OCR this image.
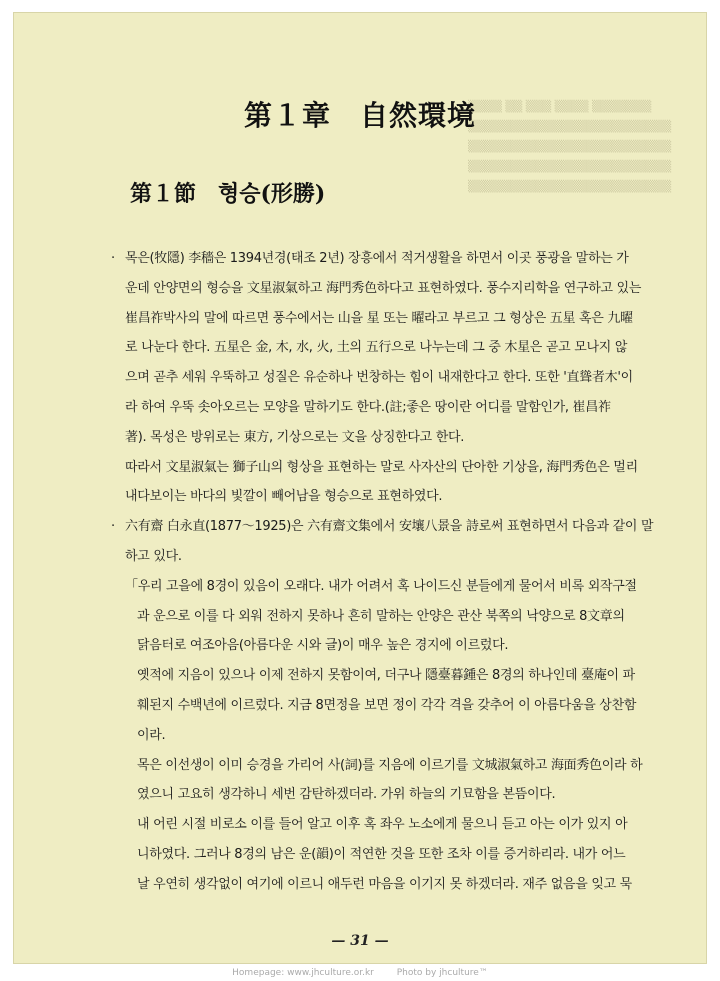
▒▒▒▒ ▒▒ ▒▒▒ ▒▒▒▒ ▒▒▒▒▒▒▒
▒▒▒▒▒▒▒▒▒▒▒▒▒▒▒▒▒▒▒▒▒▒▒▒
▒▒▒▒▒▒▒▒▒▒▒▒▒▒▒▒▒▒▒▒▒▒▒▒
▒▒▒▒▒▒▒▒▒▒▒▒▒▒▒▒▒▒▒▒▒▒▒▒
▒▒▒▒▒▒▒▒▒▒▒▒▒▒▒▒▒▒▒▒▒▒▒▒
第１章　自然環境
第１節　형승(形勝)
· 목은(牧隱) 李穡은 1394년경(태조 2년) 장흥에서 적거생활을 하면서 이곳 풍광을 말하는 가
운데 안양면의 형승을 文星淑氣하고 海門秀色하다고 표현하였다. 풍수지리학을 연구하고 있는
崔昌祚박사의 말에 따르면 풍수에서는 山을 星 또는 曜라고 부르고 그 형상은 五星 혹은 九曜
로 나눈다 한다. 五星은 金, 木, 水, 火, 土의 五行으로 나누는데 그 중 木星은 곧고 모나지 않
으며 곧추 세워 우뚝하고 성질은 유순하나 번창하는 힘이 내재한다고 한다. 또한 '直聳者木'이
라 하여 우뚝 솟아오르는 모양을 말하기도 한다.(註;좋은 땅이란 어디를 말함인가, 崔昌祚
著). 목성은 방위로는 東方, 기상으로는 文을 상징한다고 한다.
따라서 文星淑氣는 獅子山의 형상을 표현하는 말로 사자산의 단아한 기상을, 海門秀色은 멀리
내다보이는 바다의 빛깔이 빼어남을 형승으로 표현하였다.
· 六有齋 白永直(1877～1925)은 六有齋文集에서 安壤八景을 詩로써 표현하면서 다음과 같이 말
하고 있다.
「우리 고을에 8경이 있음이 오래다. 내가 어려서 혹 나이드신 분들에게 물어서 비록 외작구절
과 운으로 이를 다 외워 전하지 못하나 흔히 말하는 안양은 관산 북쪽의 낙양으로 8文章의
닭음터로 여조아음(아름다운 시와 글)이 매우 높은 경지에 이르렀다.
옛적에 지음이 있으나 이제 전하지 못함이여, 더구나 隱臺暮鍾은 8경의 하나인데 臺庵이 파
훼된지 수백년에 이르렀다. 지금 8면정을 보면 정이 각각 격을 갖추어 이 아름다움을 상찬함
이라.
목은 이선생이 이미 승경을 가리어 사(詞)를 지음에 이르기를 文城淑氣하고 海面秀色이라 하
였으니 고요히 생각하니 세번 감탄하겠더라. 가위 하늘의 기묘함을 본뜸이다.
내 어린 시절 비로소 이를 들어 알고 이후 혹 좌우 노소에게 물으니 듣고 아는 이가 있지 아
니하였다. 그러나 8경의 남은 운(韻)이 적연한 것을 또한 조차 이를 증거하리라. 내가 어느
날 우연히 생각없이 여기에 이르니 애두런 마음을 이기지 못 하겠더라. 재주 없음을 잊고 묵
— 31 —
Homepage: www.jhculture.or.kr	Photo by jhculture™
